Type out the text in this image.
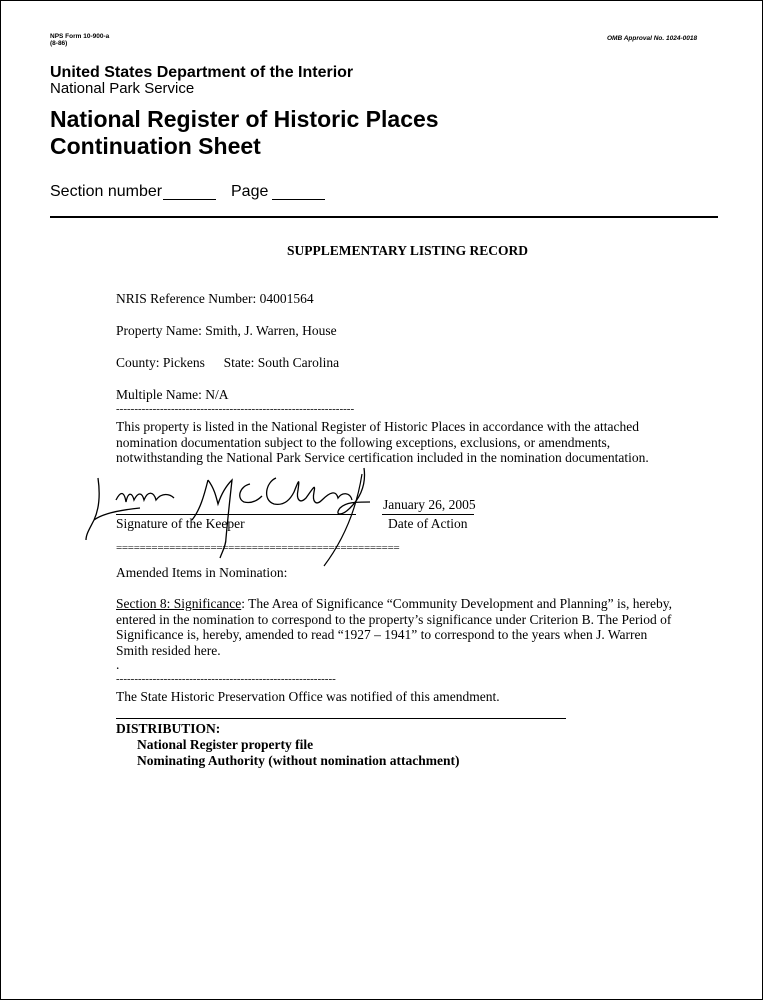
NPS Form 10-900-a
(8-86)
OMB Approval No. 1024-0018
United States Department of the Interior
National Park Service
National Register of Historic Places
Continuation Sheet
Section number	Page
SUPPLEMENTARY LISTING RECORD
NRIS Reference Number: 04001564
Property Name: Smith, J. Warren, House
County: Pickens State: South Carolina
Multiple Name: N/A
-----------------------------------------------------------------
This property is listed in the National Register of Historic Places in accordance with the attached nomination documentation subject to the following exceptions, exclusions, or amendments, notwithstanding the National Park Service certification included in the nomination documentation.
Signature of the Keeper
January 26, 2005
Date of Action
================================================
Amended Items in Nomination:
Section 8: Significance: The Area of Significance “Community Development and Planning” is, hereby, entered in the nomination to correspond to the property’s significance under Criterion B. The Period of Significance is, hereby, amended to read “1927 – 1941” to correspond to the years when J. Warren Smith resided here.
.
------------------------------------------------------------
The State Historic Preservation Office was notified of this amendment.
DISTRIBUTION:
National Register property file
Nominating Authority (without nomination attachment)
